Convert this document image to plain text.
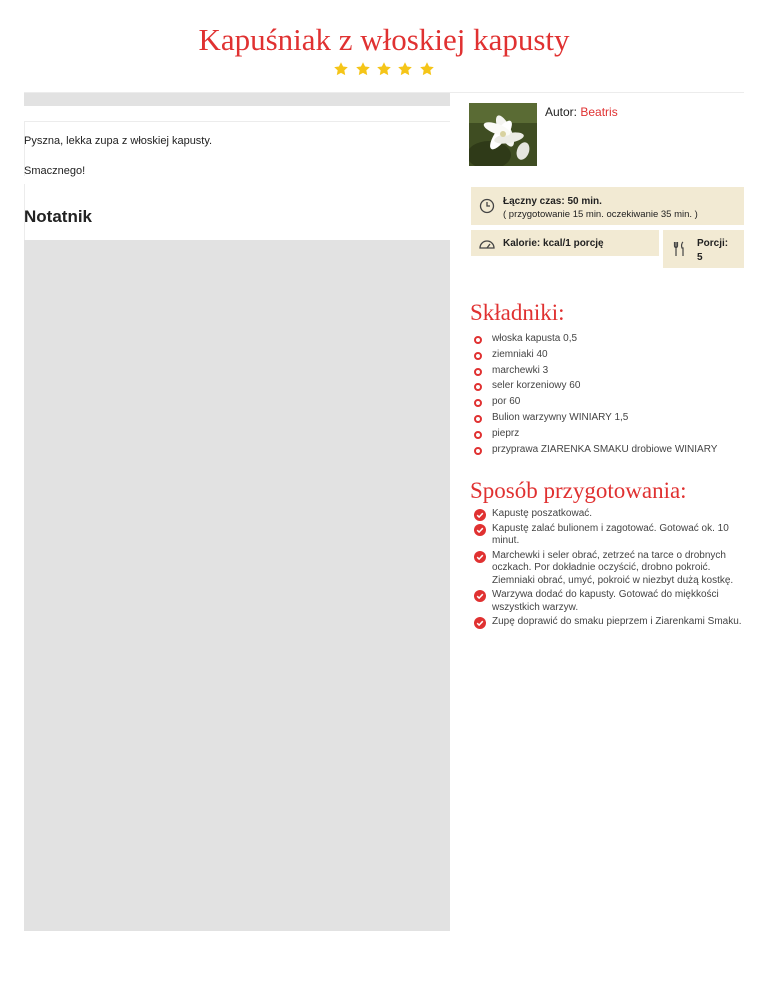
Kapuśniak z włoskiej kapusty

Pyszna, lekka zupa z włoskiej kapusty.
Smacznego!
Notatnik
Autor: Beatris
Łączny czas: 50 min.
( przygotowanie 15 min. oczekiwanie 35 min. )
Kalorie: kcal/1 porcję	Porcji:
5
Składniki:
włoska kapusta 0,5
ziemniaki 40
marchewki 3
seler korzeniowy 60
por 60
Bulion warzywny WINIARY 1,5
pieprz
przyprawa ZIARENKA SMAKU drobiowe WINIARY
Sposób przygotowania:
Kapustę poszatkować.
Kapustę zalać bulionem i zagotować. Gotować ok. 10 minut.
Marchewki i seler obrać, zetrzeć na tarce o drobnych oczkach. Por dokładnie oczyścić, drobno pokroić. Ziemniaki obrać, umyć, pokroić w niezbyt dużą kostkę.
Warzywa dodać do kapusty. Gotować do miękkości wszystkich warzyw.
Zupę doprawić do smaku pieprzem i Ziarenkami Smaku.
